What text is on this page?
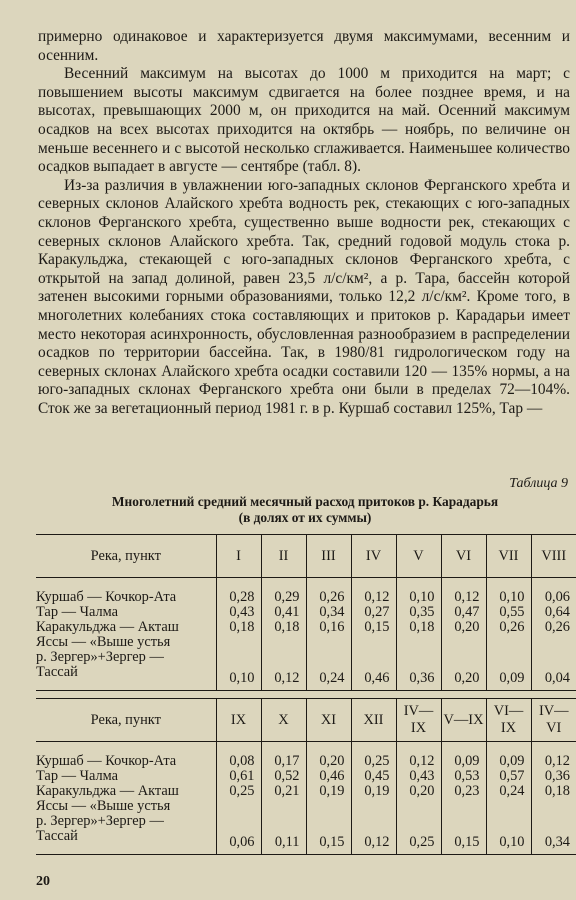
примерно одинаковое и характеризуется двумя максимумами, весенним и осенним.

Весенний максимум на высотах до 1000 м приходится на март; с повышением высоты максимум сдвигается на более позднее время, и на высотах, превышающих 2000 м, он приходится на май. Осенний максимум осадков на всех высотах приходится на октябрь — ноябрь, по величине он меньше весеннего и с высотой несколько сглаживается. Наименьшее количество осадков выпадает в августе — сентябре (табл. 8).

Из-за различия в увлажнении юго-западных склонов Ферганского хребта и северных склонов Алайского хребта водность рек, стекающих с юго-западных склонов Ферганского хребта, существенно выше водности рек, стекающих с северных склонов Алайского хребта. Так, средний годовой модуль стока р. Каракульджа, стекающей с юго-западных склонов Ферганского хребта, с открытой на запад долиной, равен 23,5 л/с/км², а р. Тара, бассейн которой затенен высокими горными образованиями, только 12,2 л/с/км². Кроме того, в многолетних колебаниях стока составляющих и притоков р. Карадарьи имеет место некоторая асинхронность, обусловленная разнообразием в распределении осадков по территории бассейна. Так, в 1980/81 гидрологическом году на северных склонах Алайского хребта осадки составили 120 — 135% нормы, а на юго-западных склонах Ферганского хребта они были в пределах 72—104%. Сток же за вегетационный период 1981 г. в р. Куршаб составил 125%, Тар —

Таблица 9
Многолетний средний месячный расход притоков р. Карадарья
(в долях от их суммы)
Река, пункт	I	II	III	IV	V	VI	VII	VIII

Куршаб — Кочкор-Ата	0,28	0,29	0,26	0,12	0,10	0,12	0,10	0,06

Тар — Чалма	0,43	0,41	0,34	0,27	0,35	0,47	0,55	0,64

Каракульджа — Акташ	0,18	0,18	0,16	0,15	0,18	0,20	0,26	0,26

Яссы — «Выше устья
р. Зергер»+Зергер —
Тассай	0,10	0,12	0,24	0,46	0,36	0,20	0,09	0,04
Река, пункт	IX	X	XI	XII	IV—IX	V—IX	VI—IX	IV—VI

Куршаб — Кочкор-Ата	0,08	0,17	0,20	0,25	0,12	0,09	0,09	0,12

Тар — Чалма	0,61	0,52	0,46	0,45	0,43	0,53	0,57	0,36

Каракульджа — Акташ	0,25	0,21	0,19	0,19	0,20	0,23	0,24	0,18

Яссы — «Выше устья
р. Зергер»+Зергер —
Тассай	0,06	0,11	0,15	0,12	0,25	0,15	0,10	0,34
20
